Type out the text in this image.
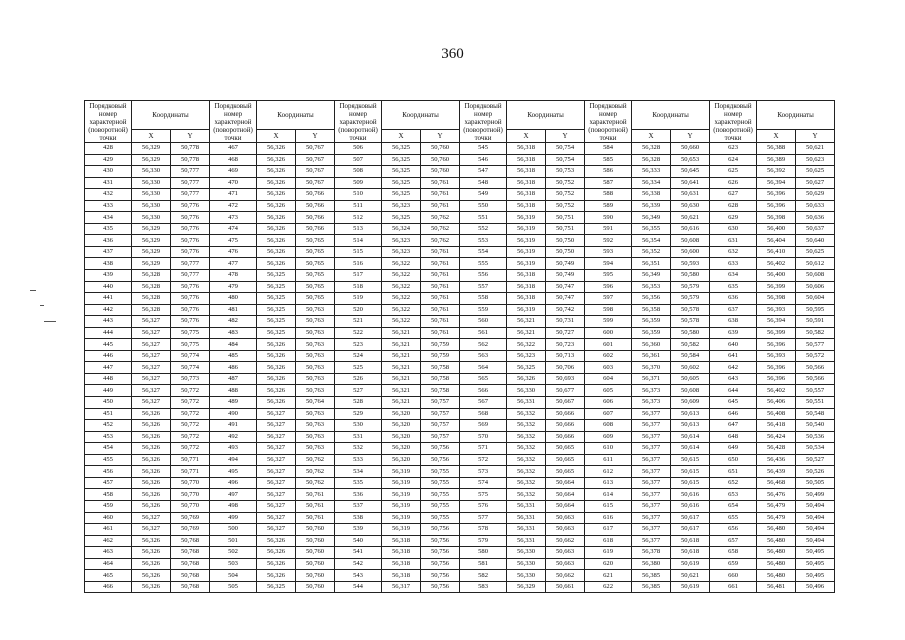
360
Порядковый номер характерной (поворотной) точки	Координаты		Порядковый номер характерной (поворотной) точки	Координаты		Порядковый номер характерной (поворотной) точки	Координаты		Порядковый номер характерной (поворотной) точки	Координаты		Порядковый номер характерной (поворотной) точки	Координаты		Порядковый номер характерной (поворотной) точки	Координаты	
	X	Y		X	Y		X	Y		X	Y		X	Y		X	Y
428	56,329	50,778	467	56,326	50,767	506	56,325	50,760	545	56,318	50,754	584	56,328	50,660	623	56,388	50,621
429	56,329	50,778	468	56,326	50,767	507	56,325	50,760	546	56,318	50,754	585	56,328	50,653	624	56,389	50,623
430	56,330	50,777	469	56,326	50,767	508	56,325	50,760	547	56,318	50,753	586	56,333	50,645	625	56,392	50,625
431	56,330	50,777	470	56,326	50,767	509	56,325	50,761	548	56,318	50,752	587	56,334	50,641	626	56,394	50,627
432	56,330	50,777	471	56,326	50,766	510	56,325	50,761	549	56,318	50,752	588	56,338	50,631	627	56,396	50,629
433	56,330	50,776	472	56,326	50,766	511	56,323	50,761	550	56,318	50,752	589	56,339	50,630	628	56,396	50,633
434	56,330	50,776	473	56,326	50,766	512	56,325	50,762	551	56,319	50,751	590	56,349	50,621	629	56,398	50,636
435	56,329	50,776	474	56,326	50,766	513	56,324	50,762	552	56,319	50,751	591	56,355	50,616	630	56,400	50,637
436	56,329	50,776	475	56,326	50,765	514	56,323	50,762	553	56,319	50,750	592	56,354	50,608	631	56,404	50,640
437	56,329	50,776	476	56,326	50,765	515	56,323	50,761	554	56,319	50,750	593	56,352	50,600	632	56,410	50,625
438	56,329	50,777	477	56,326	50,765	516	56,322	50,761	555	56,319	50,749	594	56,351	50,593	633	56,402	50,612
439	56,328	50,777	478	56,325	50,765	517	56,322	50,761	556	56,318	50,749	595	56,349	50,580	634	56,400	50,608
440	56,328	50,776	479	56,325	50,765	518	56,322	50,761	557	56,318	50,747	596	56,353	50,579	635	56,399	50,606
441	56,328	50,776	480	56,325	50,765	519	56,322	50,761	558	56,318	50,747	597	56,356	50,579	636	56,398	50,604
442	56,328	50,776	481	56,325	50,763	520	56,322	50,761	559	56,319	50,742	598	56,358	50,578	637	56,393	50,595
443	56,327	50,776	482	56,325	50,763	521	56,322	50,761	560	56,321	50,731	599	56,359	50,578	638	56,394	50,591
444	56,327	50,775	483	56,325	50,763	522	56,321	50,761	561	56,321	50,727	600	56,359	50,580	639	56,399	50,582
445	56,327	50,775	484	56,326	50,763	523	56,321	50,759	562	56,322	50,723	601	56,360	50,582	640	56,396	50,577
446	56,327	50,774	485	56,326	50,763	524	56,321	50,759	563	56,323	50,713	602	56,361	50,584	641	56,393	50,572
447	56,327	50,774	486	56,326	50,763	525	56,321	50,758	564	56,325	50,706	603	56,370	50,602	642	56,396	50,566
448	56,327	50,773	487	56,326	50,763	526	56,321	50,758	565	56,326	50,693	604	56,371	50,605	643	56,396	50,566
449	56,327	50,772	488	56,326	50,763	527	56,321	50,758	566	56,330	50,677	605	56,373	50,608	644	56,402	50,557
450	56,327	50,772	489	56,326	50,764	528	56,321	50,757	567	56,331	50,667	606	56,373	50,609	645	56,406	50,551
451	56,326	50,772	490	56,327	50,763	529	56,320	50,757	568	56,332	50,666	607	56,377	50,613	646	56,408	50,548
452	56,326	50,772	491	56,327	50,763	530	56,320	50,757	569	56,332	50,666	608	56,377	50,613	647	56,418	50,540
453	56,326	50,772	492	56,327	50,763	531	56,320	50,757	570	56,332	50,666	609	56,377	50,614	648	56,424	50,536
454	56,326	50,772	493	56,327	50,763	532	56,320	50,756	571	56,332	50,665	610	56,377	50,614	649	56,428	50,534
455	56,326	50,771	494	56,327	50,762	533	56,320	50,756	572	56,332	50,665	611	56,377	50,615	650	56,436	50,527
456	56,326	50,771	495	56,327	50,762	534	56,319	50,755	573	56,332	50,665	612	56,377	50,615	651	56,439	50,526
457	56,326	50,770	496	56,327	50,762	535	56,319	50,755	574	56,332	50,664	613	56,377	50,615	652	56,468	50,505
458	56,326	50,770	497	56,327	50,761	536	56,319	50,755	575	56,332	50,664	614	56,377	50,616	653	56,476	50,499
459	56,326	50,770	498	56,327	50,761	537	56,319	50,755	576	56,331	50,664	615	56,377	50,616	654	56,479	50,494
460	56,327	50,769	499	56,327	50,761	538	56,319	50,755	577	56,331	50,663	616	56,377	50,617	655	56,479	50,494
461	56,327	50,769	500	56,327	50,760	539	56,319	50,756	578	56,331	50,663	617	56,377	50,617	656	56,480	50,494
462	56,326	50,768	501	56,326	50,760	540	56,318	50,756	579	56,331	50,662	618	56,377	50,618	657	56,480	50,494
463	56,326	50,768	502	56,326	50,760	541	56,318	50,756	580	56,330	50,663	619	56,378	50,618	658	56,480	50,495
464	56,326	50,768	503	56,326	50,760	542	56,318	50,756	581	56,330	50,663	620	56,380	50,619	659	56,480	50,495
465	56,326	50,768	504	56,326	50,760	543	56,318	50,756	582	56,330	50,662	621	56,385	50,621	660	56,480	50,495
466	56,326	50,768	505	56,325	50,760	544	56,317	50,756	583	56,329	50,661	622	56,385	50,619	661	56,481	50,496
